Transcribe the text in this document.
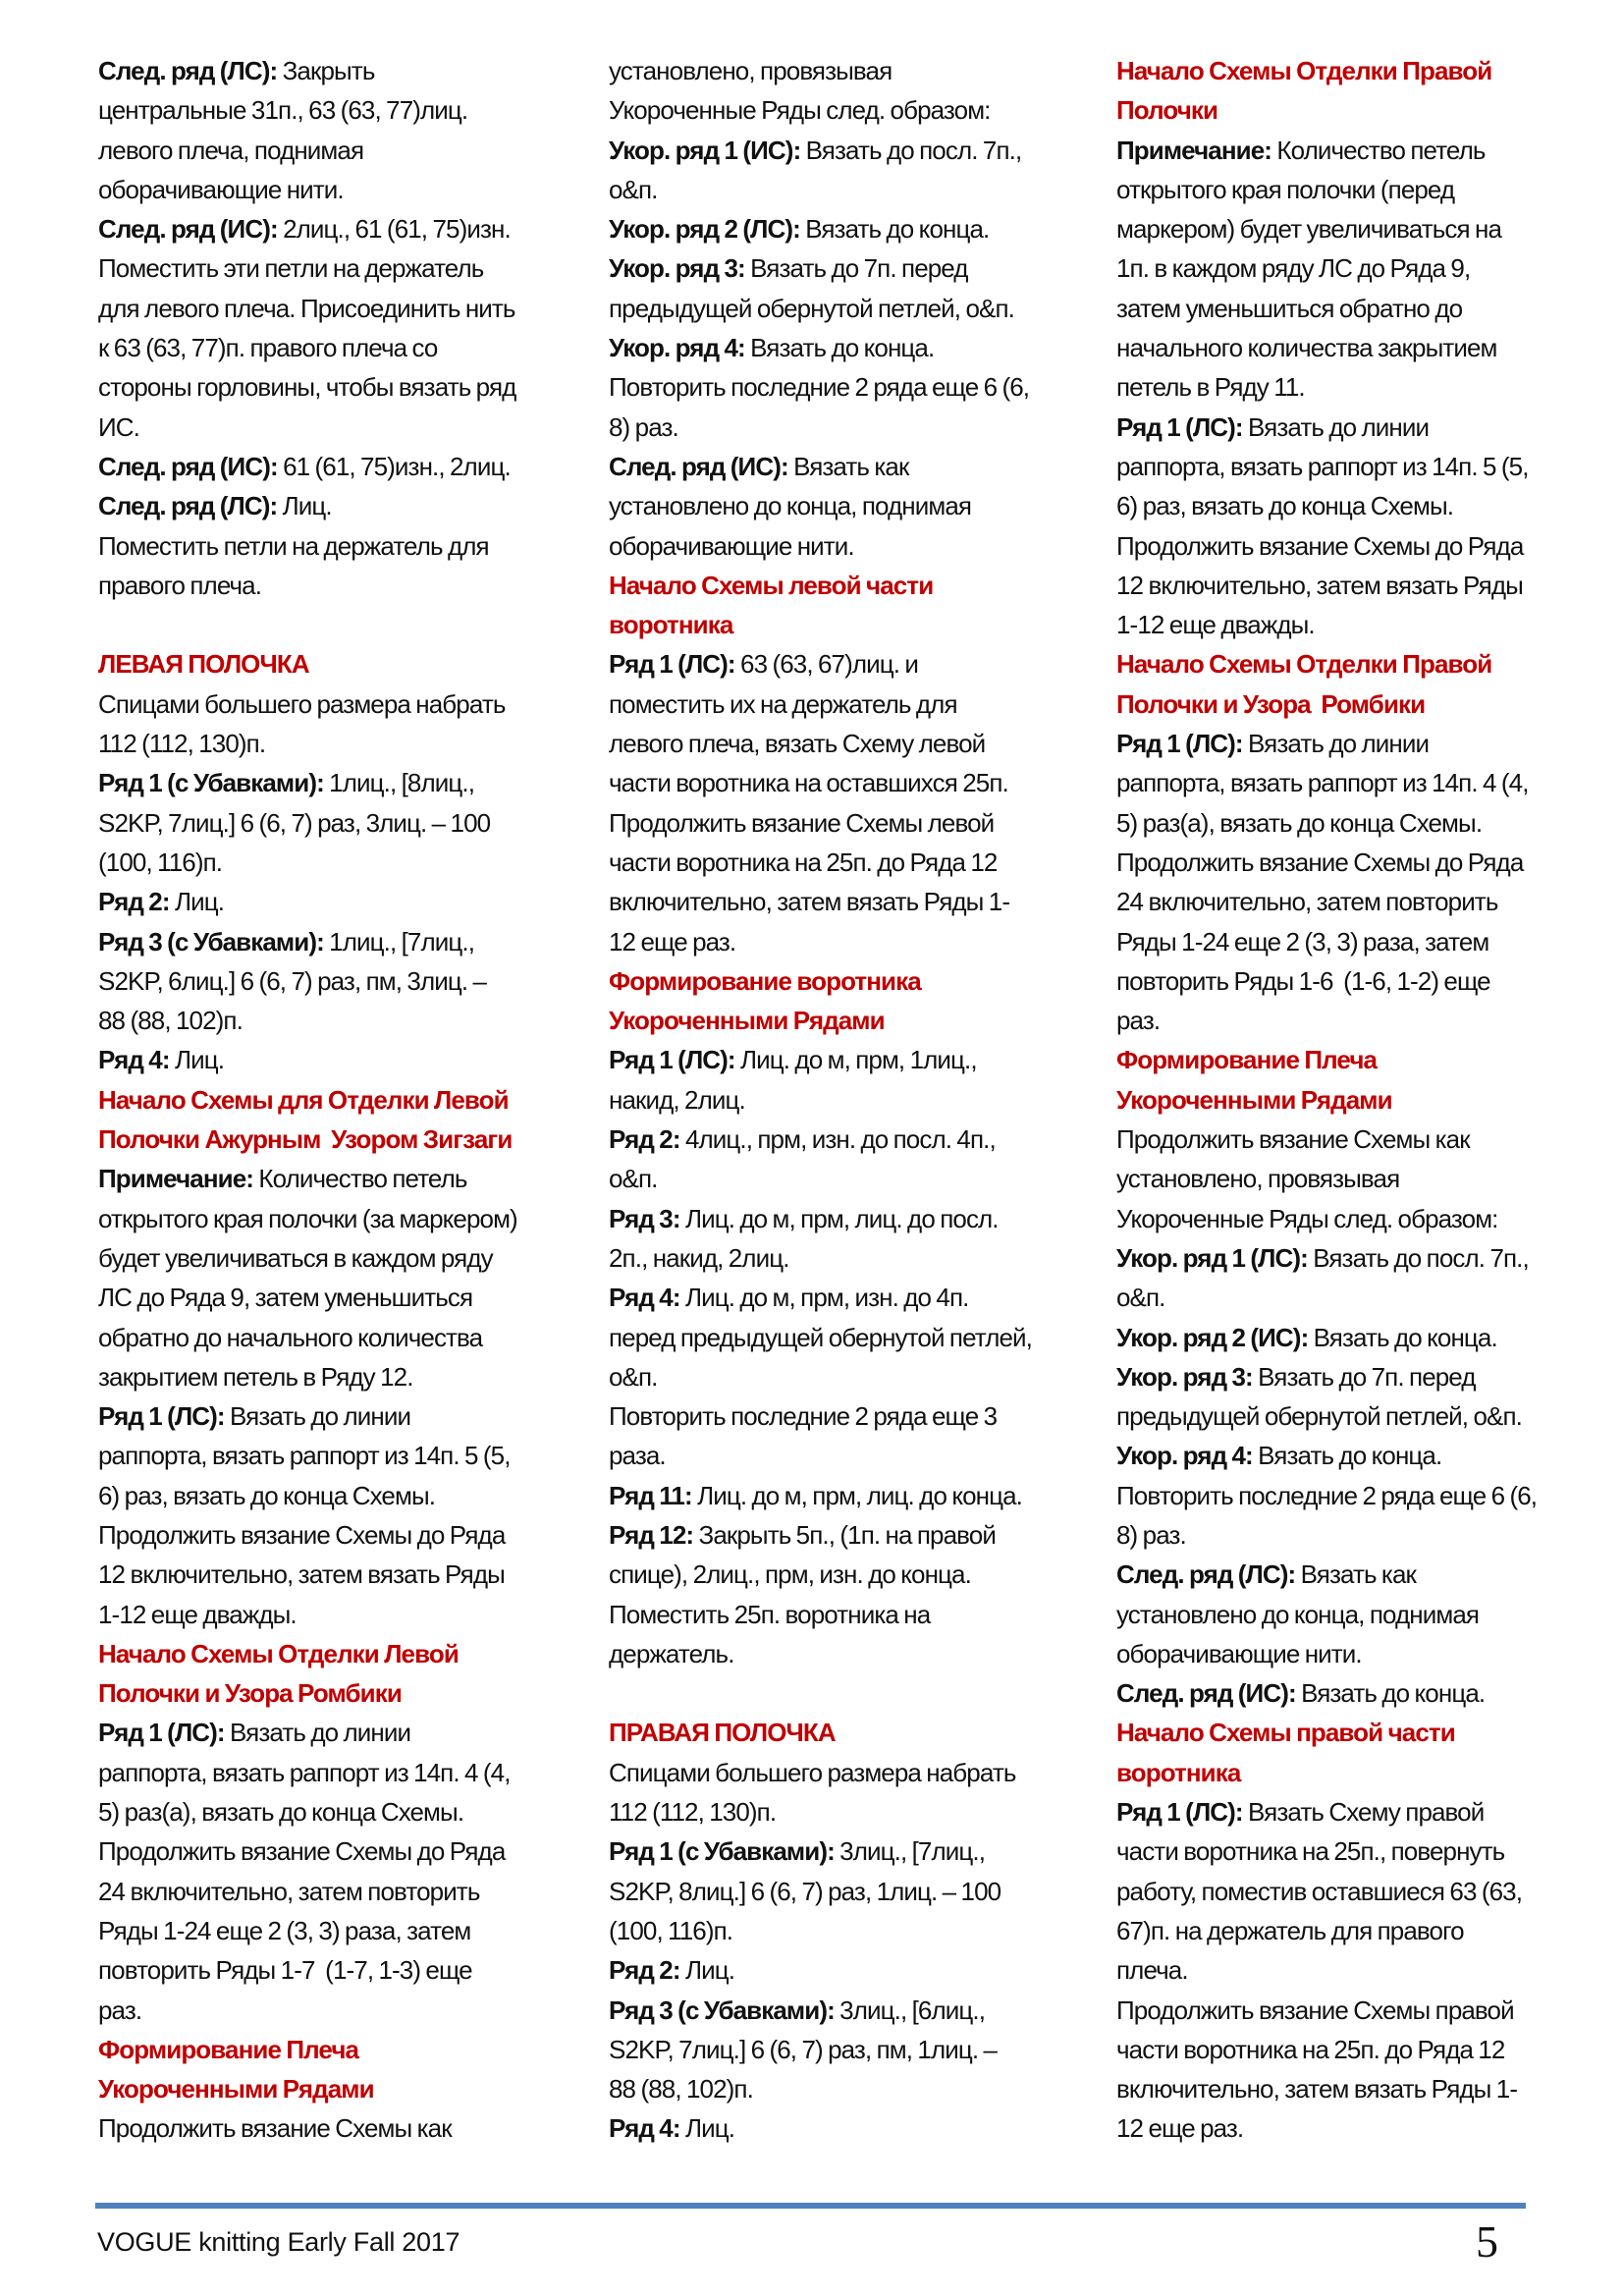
След. ряд (ЛС): Закрыть
центральные 31п., 63 (63, 77)лиц.
левого плеча, поднимая
оборачивающие нити.
След. ряд (ИС): 2лиц., 61 (61, 75)изн.
Поместить эти петли на держатель
для левого плеча. Присоединить нить
к 63 (63, 77)п. правого плеча со
стороны горловины, чтобы вязать ряд
ИС.
След. ряд (ИС): 61 (61, 75)изн., 2лиц.
След. ряд (ЛС): Лиц.
Поместить петли на держатель для
правого плеча.
ЛЕВАЯ ПОЛОЧКА
Спицами большего размера набрать
112 (112, 130)п.
Ряд 1 (с Убавками): 1лиц., [8лиц.,
S2KP, 7лиц.] 6 (6, 7) раз, 3лиц. – 100
(100, 116)п.
Ряд 2: Лиц.
Ряд 3 (с Убавками): 1лиц., [7лиц.,
S2KP, 6лиц.] 6 (6, 7) раз, пм, 3лиц. –
88 (88, 102)п.
Ряд 4: Лиц.
Начало Схемы для Отделки Левой
Полочки Ажурным  Узором Зигзаги
Примечание: Количество петель
открытого края полочки (за маркером)
будет увеличиваться в каждом ряду
ЛС до Ряда 9, затем уменьшиться
обратно до начального количества
закрытием петель в Ряду 12.
Ряд 1 (ЛС): Вязать до линии
раппорта, вязать раппорт из 14п. 5 (5,
6) раз, вязать до конца Схемы.
Продолжить вязание Схемы до Ряда
12 включительно, затем вязать Ряды
1-12 еще дважды.
Начало Схемы Отделки Левой
Полочки и Узора Ромбики
Ряд 1 (ЛС): Вязать до линии
раппорта, вязать раппорт из 14п. 4 (4,
5) раз(а), вязать до конца Схемы.
Продолжить вязание Схемы до Ряда
24 включительно, затем повторить
Ряды 1-24 еще 2 (3, 3) раза, затем
повторить Ряды 1-7  (1-7, 1-3) еще
раз.
Формирование Плеча
Укороченными Рядами
Продолжить вязание Схемы как
установлено, провязывая
Укороченные Ряды след. образом:
Укор. ряд 1 (ИС): Вязать до посл. 7п.,
о&п.
Укор. ряд 2 (ЛС): Вязать до конца.
Укор. ряд 3: Вязать до 7п. перед
предыдущей обернутой петлей, о&п.
Укор. ряд 4: Вязать до конца.
Повторить последние 2 ряда еще 6 (6,
8) раз.
След. ряд (ИС): Вязать как
установлено до конца, поднимая
оборачивающие нити.
Начало Схемы левой части
воротника
Ряд 1 (ЛС): 63 (63, 67)лиц. и
поместить их на держатель для
левого плеча, вязать Схему левой
части воротника на оставшихся 25п.
Продолжить вязание Схемы левой
части воротника на 25п. до Ряда 12
включительно, затем вязать Ряды 1-
12 еще раз.
Формирование воротника
Укороченными Рядами
Ряд 1 (ЛС): Лиц. до м, прм, 1лиц.,
накид, 2лиц.
Ряд 2: 4лиц., прм, изн. до посл. 4п.,
о&п.
Ряд 3: Лиц. до м, прм, лиц. до посл.
2п., накид, 2лиц.
Ряд 4: Лиц. до м, прм, изн. до 4п.
перед предыдущей обернутой петлей,
о&п.
Повторить последние 2 ряда еще 3
раза.
Ряд 11: Лиц. до м, прм, лиц. до конца.
Ряд 12: Закрыть 5п., (1п. на правой
спице), 2лиц., прм, изн. до конца.
Поместить 25п. воротника на
держатель.
ПРАВАЯ ПОЛОЧКА
Спицами большего размера набрать
112 (112, 130)п.
Ряд 1 (с Убавками): 3лиц., [7лиц.,
S2KP, 8лиц.] 6 (6, 7) раз, 1лиц. – 100
(100, 116)п.
Ряд 2: Лиц.
Ряд 3 (с Убавками): 3лиц., [6лиц.,
S2KP, 7лиц.] 6 (6, 7) раз, пм, 1лиц. –
88 (88, 102)п.
Ряд 4: Лиц.
Начало Схемы Отделки Правой
Полочки
Примечание: Количество петель
открытого края полочки (перед
маркером) будет увеличиваться на
1п. в каждом ряду ЛС до Ряда 9,
затем уменьшиться обратно до
начального количества закрытием
петель в Ряду 11.
Ряд 1 (ЛС): Вязать до линии
раппорта, вязать раппорт из 14п. 5 (5,
6) раз, вязать до конца Схемы.
Продолжить вязание Схемы до Ряда
12 включительно, затем вязать Ряды
1-12 еще дважды.
Начало Схемы Отделки Правой
Полочки и Узора  Ромбики
Ряд 1 (ЛС): Вязать до линии
раппорта, вязать раппорт из 14п. 4 (4,
5) раз(а), вязать до конца Схемы.
Продолжить вязание Схемы до Ряда
24 включительно, затем повторить
Ряды 1-24 еще 2 (3, 3) раза, затем
повторить Ряды 1-6  (1-6, 1-2) еще
раз.
Формирование Плеча
Укороченными Рядами
Продолжить вязание Схемы как
установлено, провязывая
Укороченные Ряды след. образом:
Укор. ряд 1 (ЛС): Вязать до посл. 7п.,
о&п.
Укор. ряд 2 (ИС): Вязать до конца.
Укор. ряд 3: Вязать до 7п. перед
предыдущей обернутой петлей, о&п.
Укор. ряд 4: Вязать до конца.
Повторить последние 2 ряда еще 6 (6,
8) раз.
След. ряд (ЛС): Вязать как
установлено до конца, поднимая
оборачивающие нити.
След. ряд (ИС): Вязать до конца.
Начало Схемы правой части
воротника
Ряд 1 (ЛС): Вязать Схему правой
части воротника на 25п., повернуть
работу, поместив оставшиеся 63 (63,
67)п. на держатель для правого
плеча.
Продолжить вязание Схемы правой
части воротника на 25п. до Ряда 12
включительно, затем вязать Ряды 1-
12 еще раз.
VOGUE knitting Early Fall 2017	5
